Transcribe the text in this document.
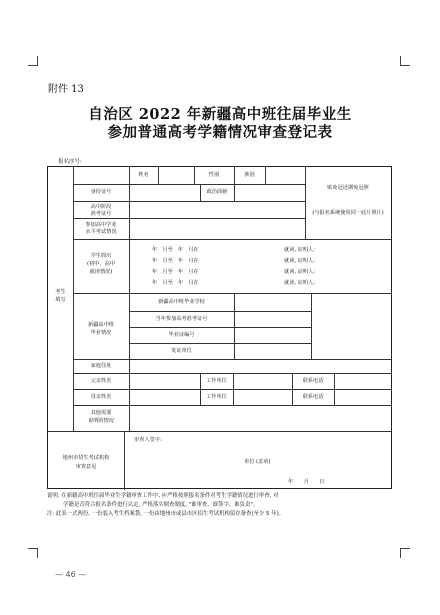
附件 13
自治区 2022 年新疆高中班往届毕业生
参加普通高考学籍情况审查登记表
报名序号:
姓名	性别	族别
身份证号	政治面貌
贴免冠近期免冠照
(与报名系统使用同一底片照片)
高中阶段
准考证号
参加高中学业
水平考试情况
学生简历
(初中、高中
就读情况)
年　月至　年　月在	就读, 证明人:
年　月至　年　月在	就读, 证明人:
年　月至　年　月在	就读, 证明人:
年　月至　年　月在	就读, 证明人:
考生
填写
新疆高中班
毕业情况
新疆高中班毕业学校
当年参加高考准考证号
毕业证编号
发证单位
家庭住址
父亲姓名	工作单位	联系电话
母亲姓名	工作单位	联系电话
其他需要
说明的情况
地州市招生考试机构
审查意见
审查人签字:
单位 (盖章)
年　　月　　日
说明: 在新疆高中班往届毕业生学籍审查工作中, 应严格按照报名条件对考生学籍情况进行审查, 对
　　　学籍是否符合报名条件进行认定, 严格落实倒查制度, "谁审查、谁签字、谁负责"。
注: 此表一式两份, 一份装入考生档案袋, 一份由地州市或县市区招生考试机构留存备查(至少 5 年)。
— 46 —
